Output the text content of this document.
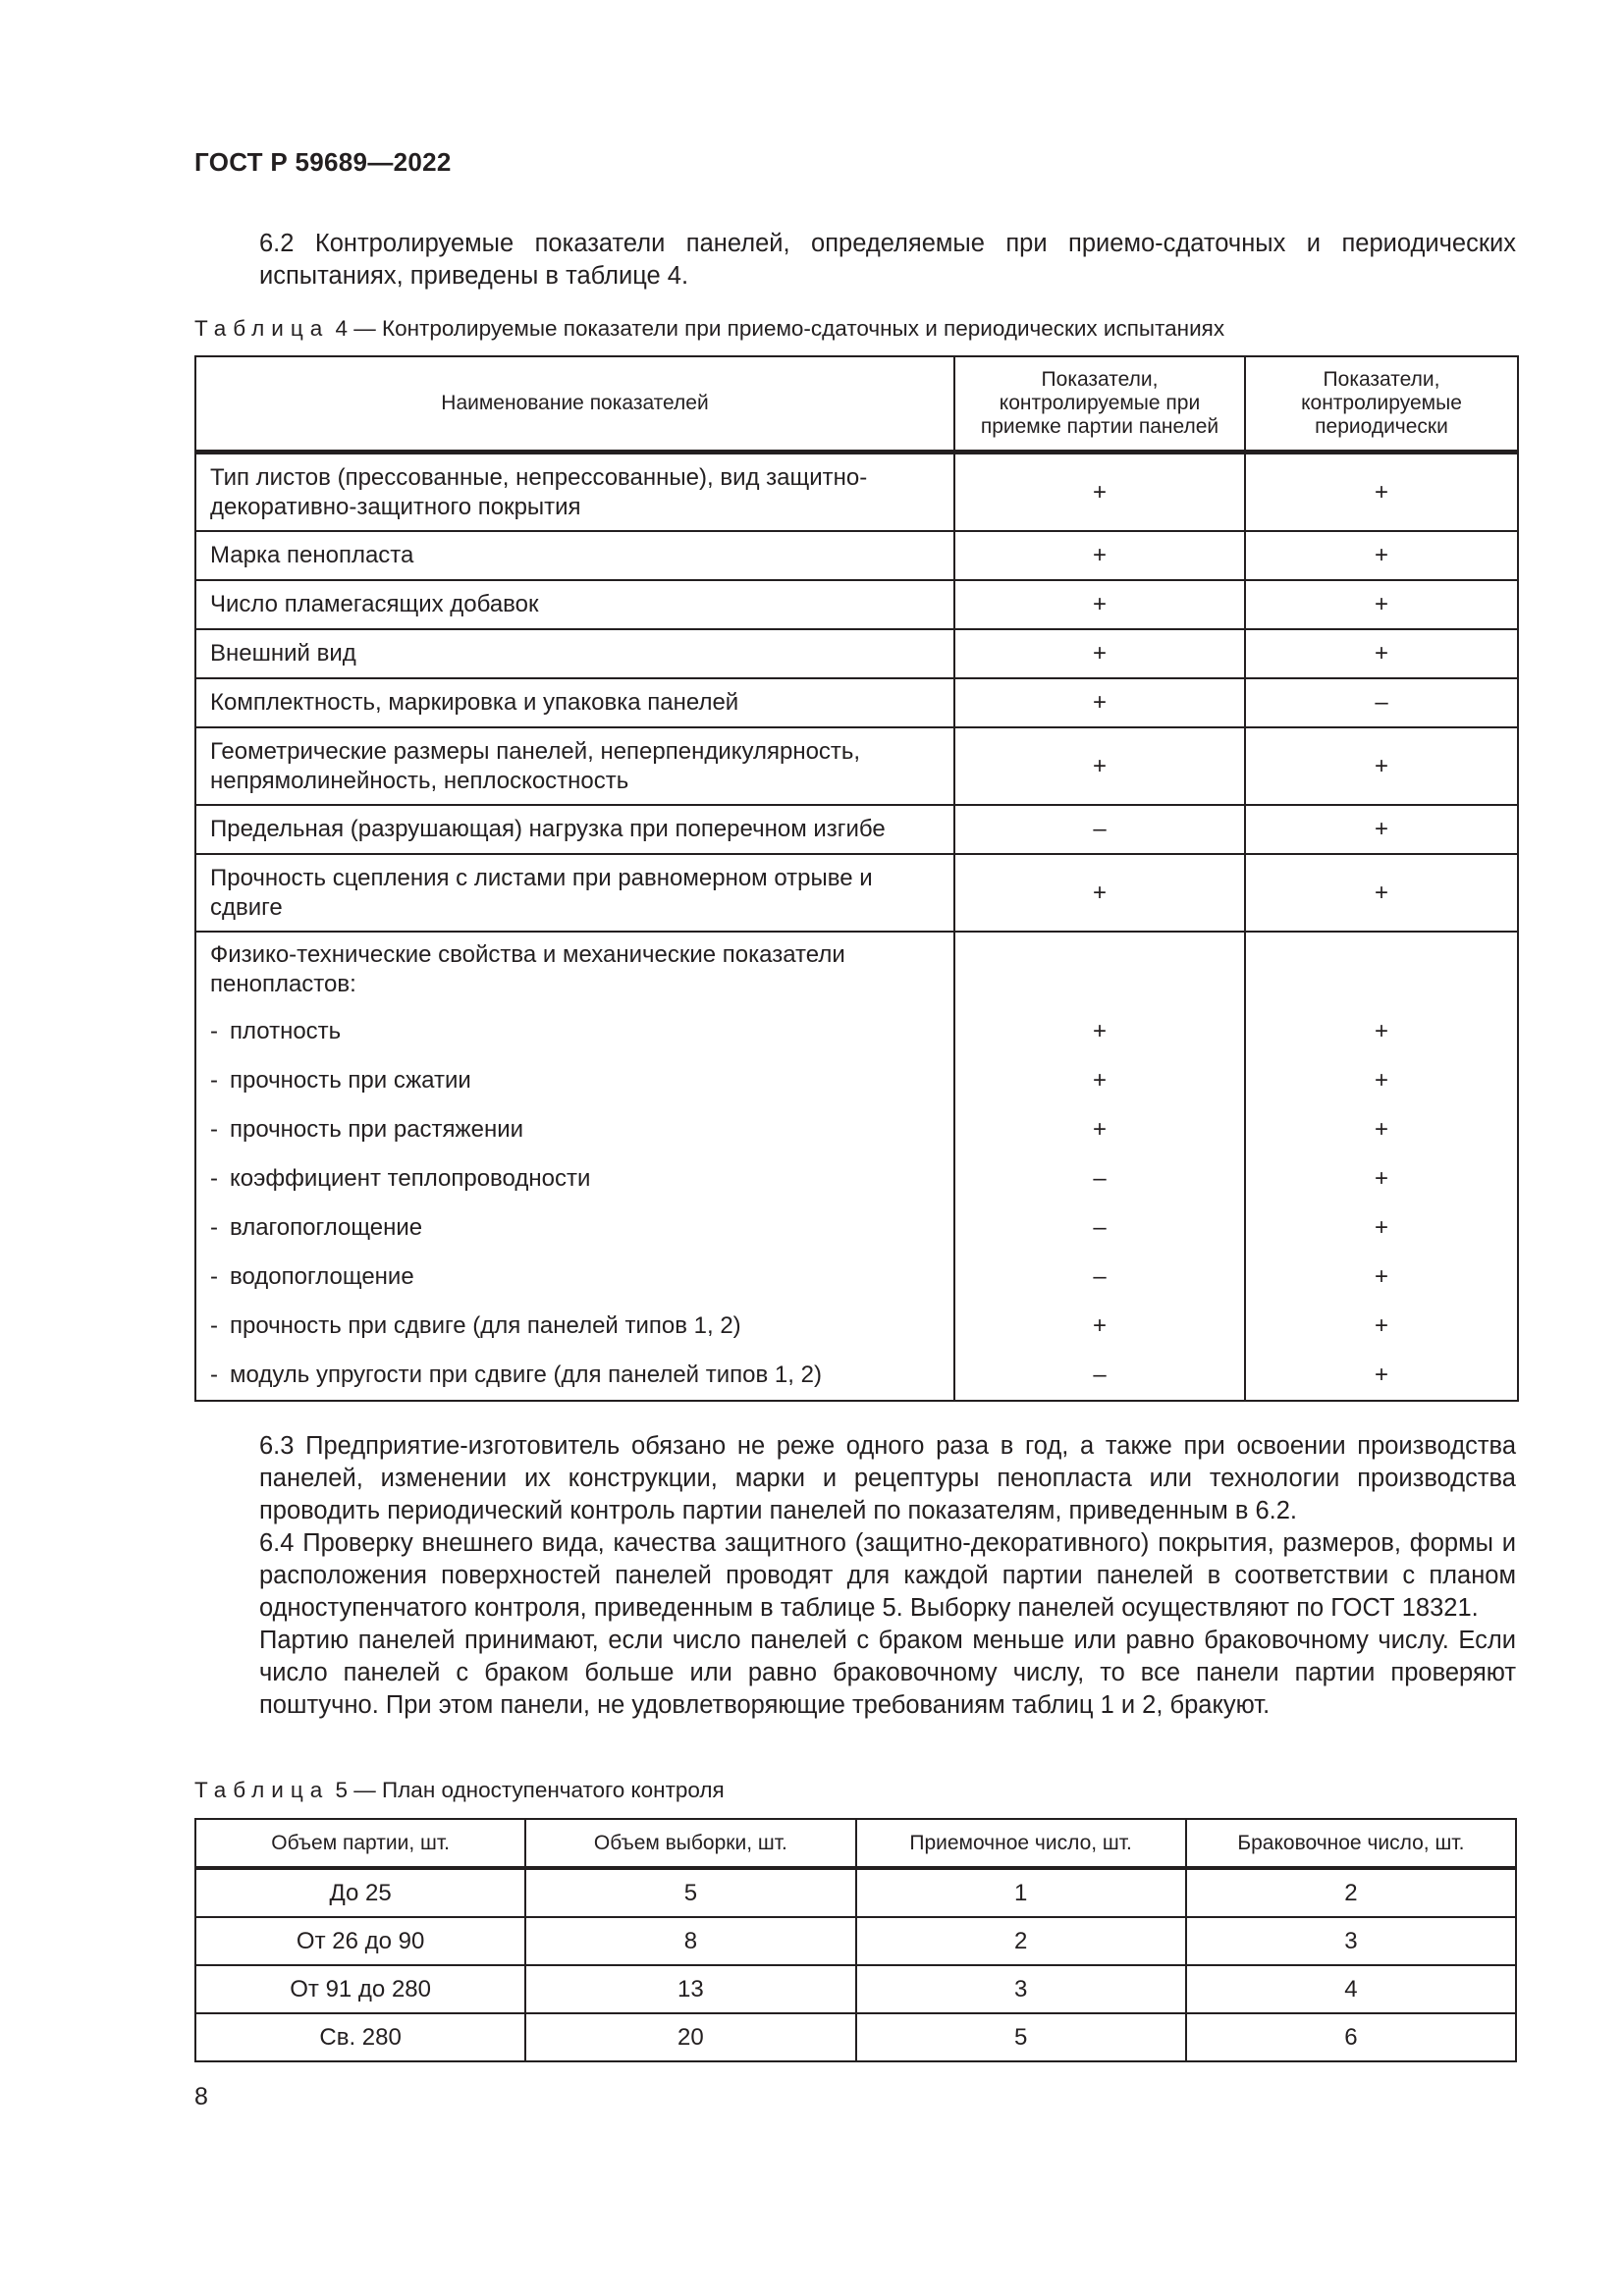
ГОСТ Р 59689—2022
6.2 Контролируемые показатели панелей, определяемые при приемо-сдаточных и периодических испытаниях, приведены в таблице 4.
Таблица 4 — Контролируемые показатели при приемо-сдаточных и периодических испытаниях
Наименование показателей	Показатели, контролируемые при приемке партии панелей	Показатели, контролируемые периодически
Тип листов (прессованные, непрессованные), вид защитно-декоративно-защитного покрытия	+	+
Марка пенопласта	+	+
Число пламегасящих добавок	+	+
Внешний вид	+	+
Комплектность, маркировка и упаковка панелей	+	–
Геометрические размеры панелей, неперпендикулярность, непрямолинейность, неплоскостность	+	+
Предельная (разрушающая) нагрузка при поперечном изгибе	–	+
Прочность сцепления с листами при равномерном отрыве и сдвиге	+	+
Физико-технические свойства и механические показатели пенопластов:		
- плотность	+	+
- прочность при сжатии	+	+
- прочность при растяжении	+	+
- коэффициент теплопроводности	–	+
- влагопоглощение	–	+
- водопоглощение	–	+
- прочность при сдвиге (для панелей типов 1, 2)	+	+
- модуль упругости при сдвиге (для панелей типов 1, 2)	–	+
6.3 Предприятие-изготовитель обязано не реже одного раза в год, а также при освоении производства панелей, изменении их конструкции, марки и рецептуры пенопласта или технологии производства проводить периодический контроль партии панелей по показателям, приведенным в 6.2.
6.4 Проверку внешнего вида, качества защитного (защитно-декоративного) покрытия, размеров, формы и расположения поверхностей панелей проводят для каждой партии панелей в соответствии с планом одноступенчатого контроля, приведенным в таблице 5. Выборку панелей осуществляют по ГОСТ 18321.
Партию панелей принимают, если число панелей с браком меньше или равно браковочному числу. Если число панелей с браком больше или равно браковочному числу, то все панели партии проверяют поштучно. При этом панели, не удовлетворяющие требованиям таблиц 1 и 2, бракуют.
Таблица 5 — План одноступенчатого контроля
Объем партии, шт.	Объем выборки, шт.	Приемочное число, шт.	Браковочное число, шт.
До 25	5	1	2
От 26 до 90	8	2	3
От 91 до 280	13	3	4
Св. 280	20	5	6
8
